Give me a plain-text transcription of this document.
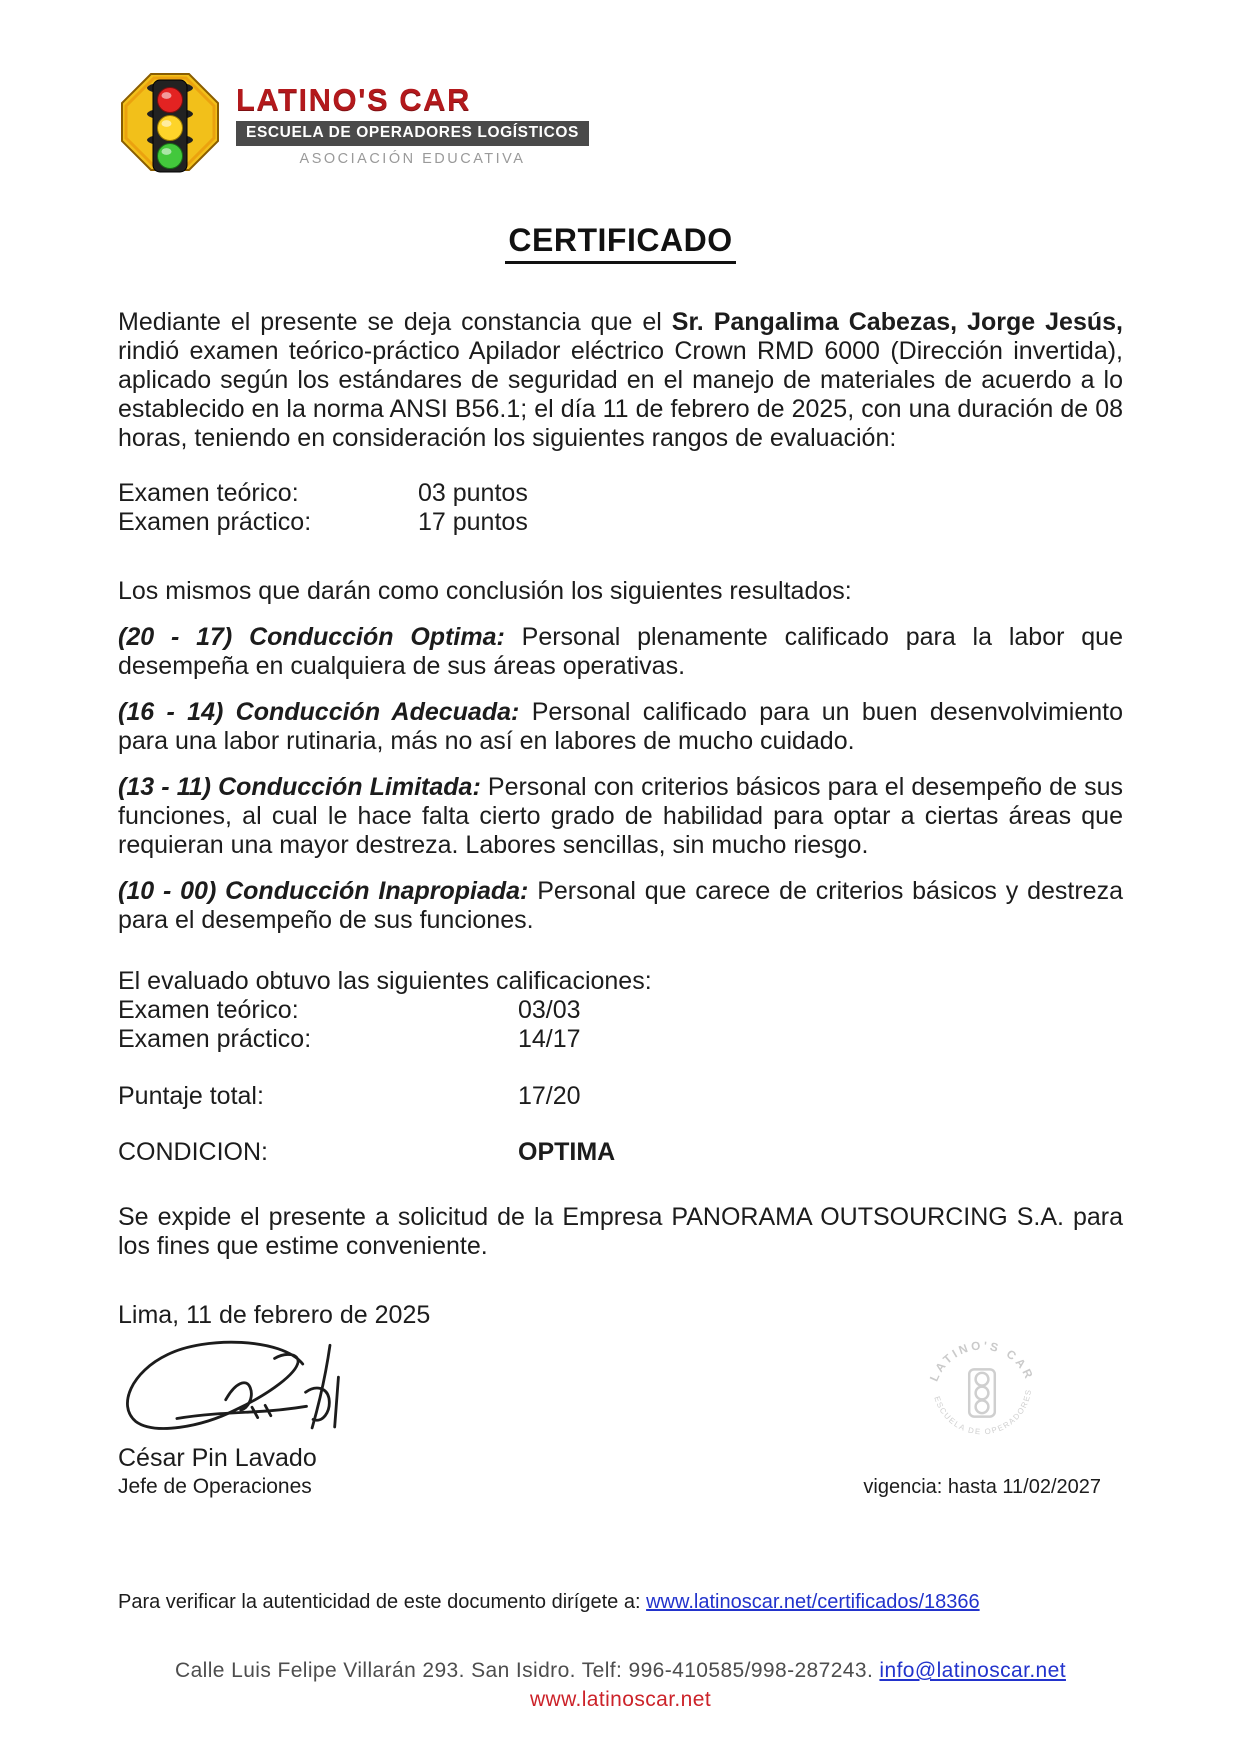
LATINO'S CAR
ESCUELA DE OPERADORES LOGÍSTICOS
ASOCIACIÓN EDUCATIVA
CERTIFICADO

Mediante el presente se deja constancia que el Sr. Pangalima Cabezas, Jorge Jesús, rindió examen teórico-práctico Apilador eléctrico Crown RMD 6000 (Dirección invertida), aplicado según los estándares de seguridad en el manejo de materiales de acuerdo a lo establecido en la norma ANSI B56.1; el día 11 de febrero de 2025, con una duración de 08 horas, teniendo en consideración los siguientes rangos de evaluación:

Examen teórico:	03 puntos
Examen práctico:	17 puntos

Los mismos que darán como conclusión los siguientes resultados:

(20 - 17) Conducción Optima: Personal plenamente calificado para la labor que desempeña en cualquiera de sus áreas operativas.

(16 - 14) Conducción Adecuada: Personal calificado para un buen desenvolvimiento para una labor rutinaria, más no así en labores de mucho cuidado.

(13 - 11) Conducción Limitada: Personal con criterios básicos para el desempeño de sus funciones, al cual le hace falta cierto grado de habilidad para optar a ciertas áreas que requieran una mayor destreza. Labores sencillas, sin mucho riesgo.

(10 - 00) Conducción Inapropiada: Personal que carece de criterios básicos y destreza para el desempeño de sus funciones.

El evaluado obtuvo las siguientes calificaciones:
Examen teórico:	03/03
Examen práctico:	14/17
Puntaje total:	17/20
CONDICION:	OPTIMA

Se expide el presente a solicitud de la Empresa PANORAMA OUTSOURCING S.A. para los fines que estime conveniente.

Lima, 11 de febrero de 2025

César Pin Lavado
Jefe de Operaciones	vigencia: hasta 11/02/2027
LATINO'S CAR
ESCUELA DE OPERADORES

Para verificar la autenticidad de este documento dirígete a: www.latinoscar.net/certificados/18366

Calle Luis Felipe Villarán 293. San Isidro. Telf: 996-410585/998-287243. info@latinoscar.net
www.latinoscar.net
